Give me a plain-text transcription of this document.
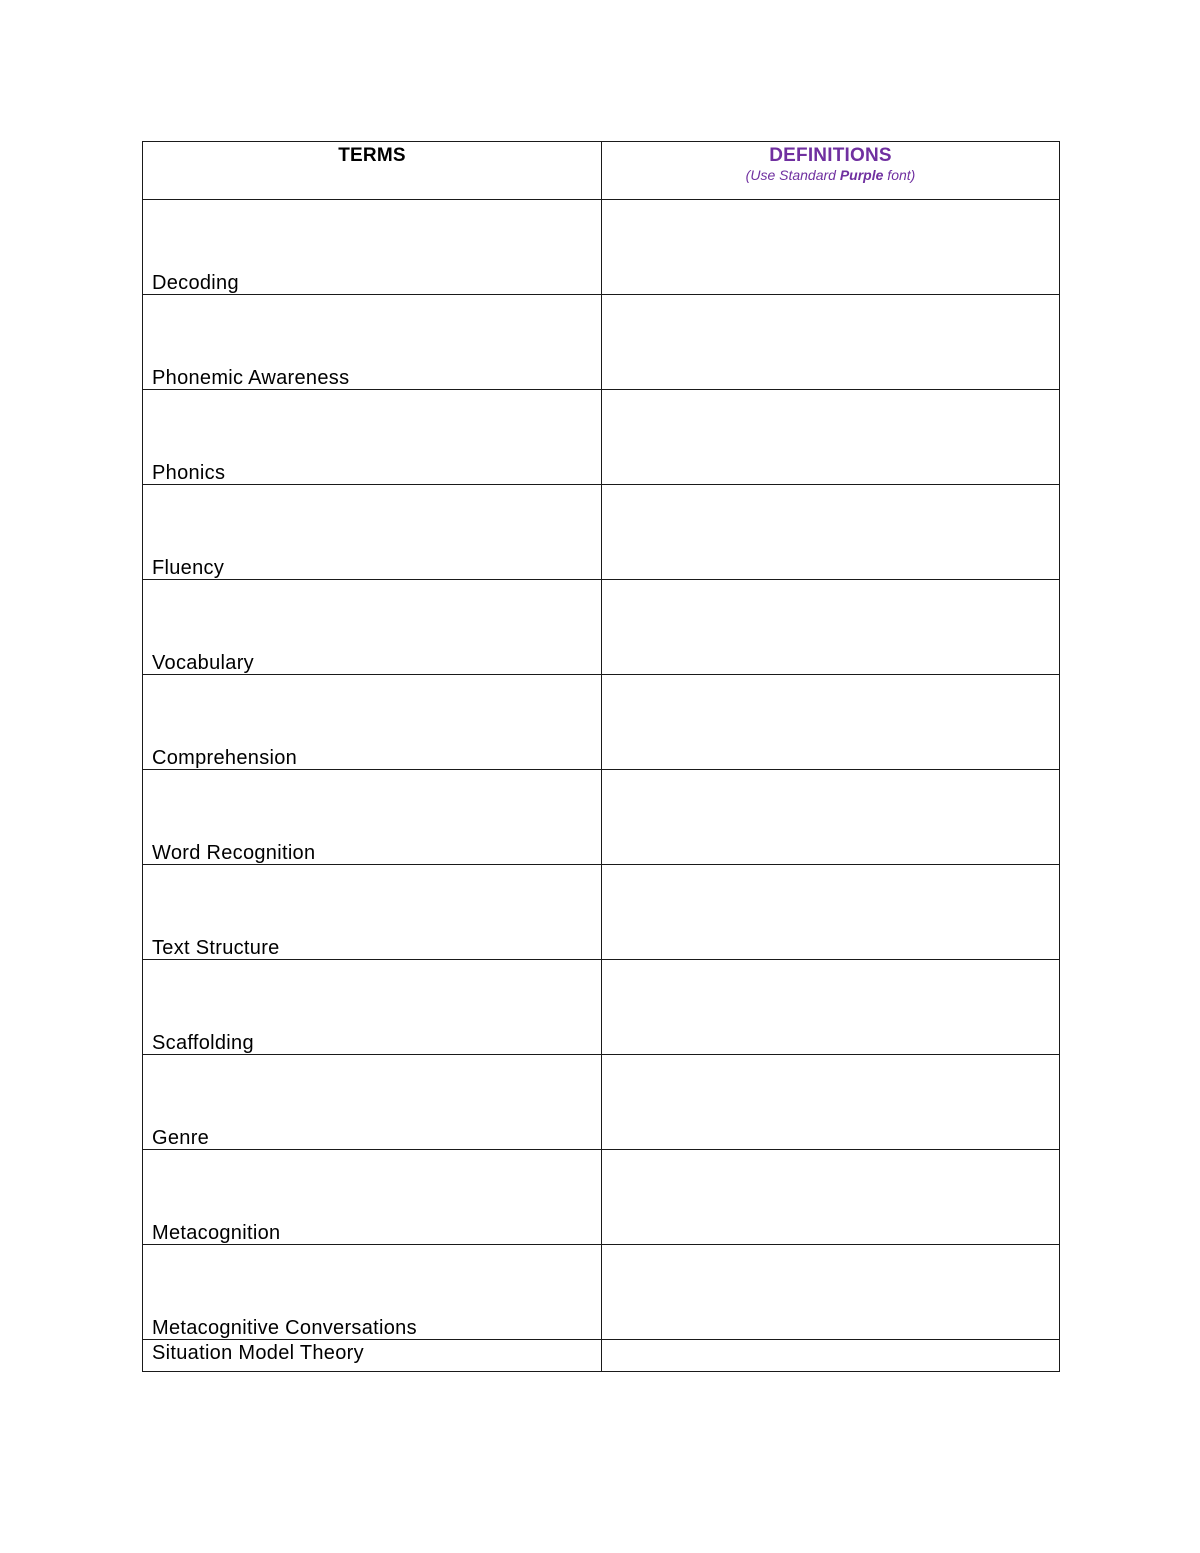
TERMS	DEFINITIONS
(Use Standard Purple font)

Decoding	

Phonemic Awareness	

Phonics	

Fluency	

Vocabulary	

Comprehension	

Word Recognition	

Text Structure	

Scaffolding	

Genre	

Metacognition	

Metacognitive Conversations	

Situation Model Theory	
